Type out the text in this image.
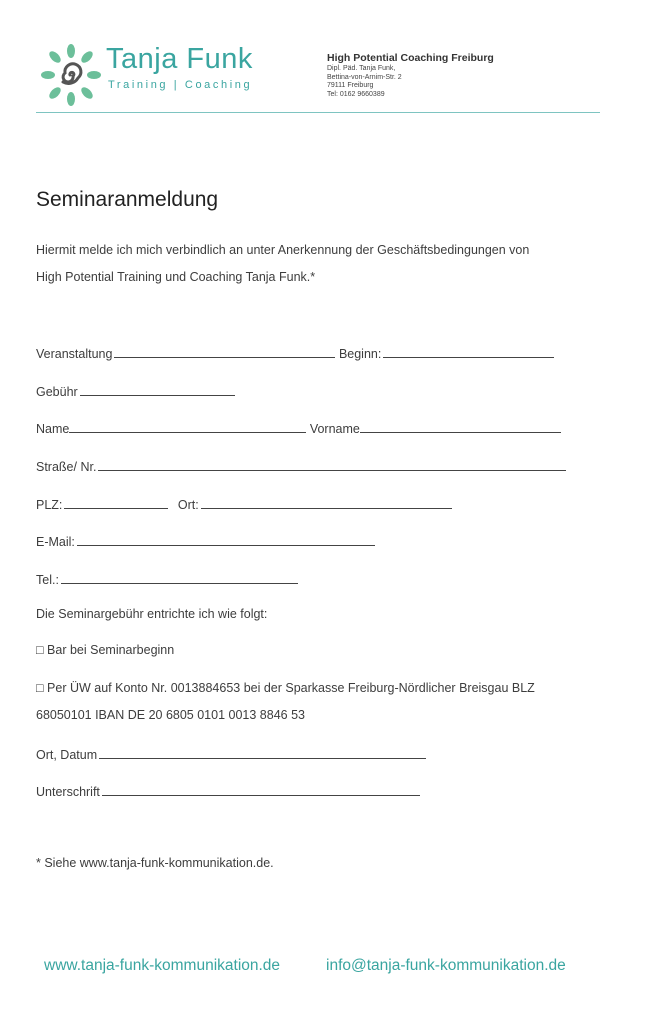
Tanja Funk
Training | Coaching
High Potential Coaching Freiburg
Dipl. Päd. Tanja Funk,
Bettina-von-Arnim-Str. 2
79111 Freiburg
Tel: 0162 9660389
Seminaranmeldung
Hiermit melde ich mich verbindlich an unter Anerkennung der Geschäftsbedingungen von
High Potential Training und Coaching Tanja Funk.*
Veranstaltung	Beginn:
Gebühr
Name	Vorname
Straße/ Nr.
PLZ:	Ort:
E-Mail:
Tel.:
Die Seminargebühr entrichte ich wie folgt:
□ Bar bei Seminarbeginn
□ Per ÜW auf Konto Nr. 0013884653 bei der Sparkasse Freiburg-Nördlicher Breisgau BLZ
68050101 IBAN DE 20 6805 0101 0013 8846 53
Ort, Datum
Unterschrift
* Siehe www.tanja-funk-kommunikation.de.
www.tanja-funk-kommunikation.de	info@tanja-funk-kommunikation.de
